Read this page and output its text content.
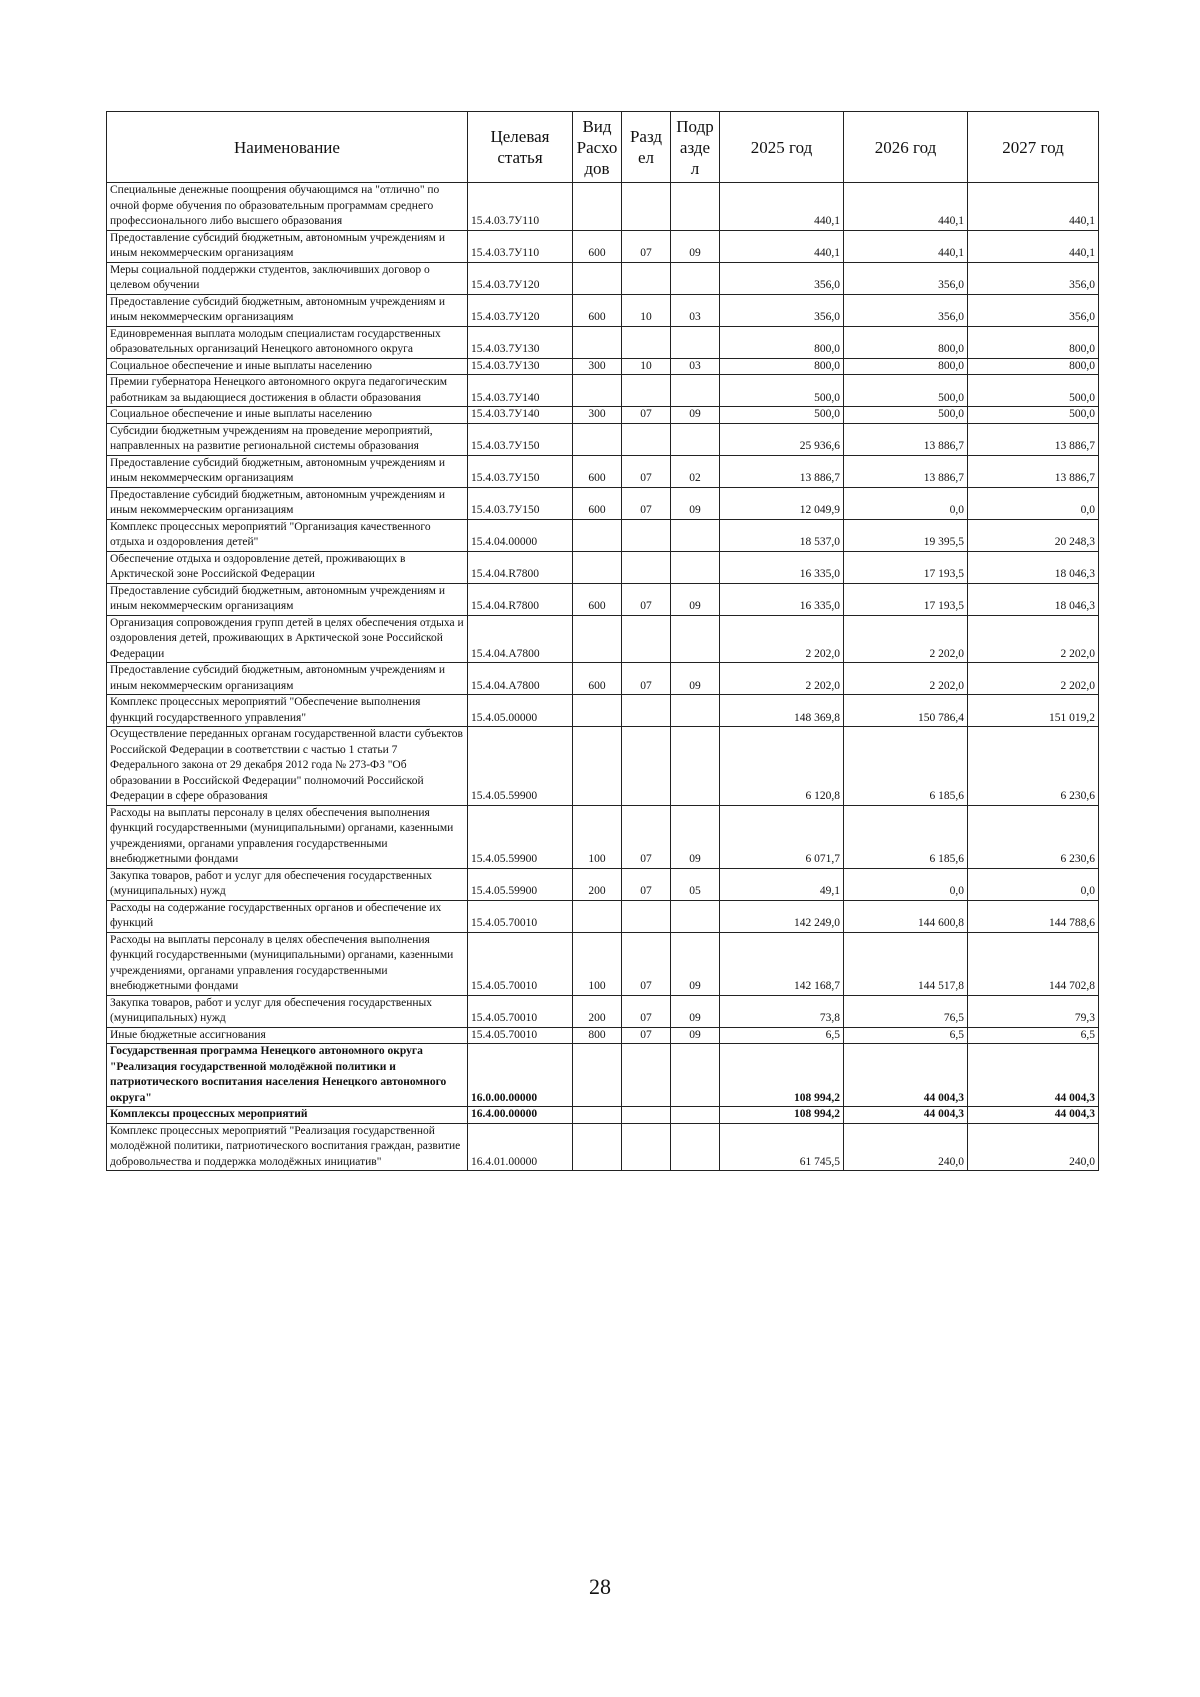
Наименование	Целевая статья	Вид Расхо дов	Разд ел	Подр азде л	2025 год	2026 год	2027 год
Специальные денежные поощрения обучающимся на "отлично" по очной форме обучения по образовательным программам среднего профессионального либо высшего образования	15.4.03.7У110				440,1	440,1	440,1
Предоставление субсидий бюджетным, автономным учреждениям и иным некоммерческим организациям	15.4.03.7У110	600	07	09	440,1	440,1	440,1
Меры социальной поддержки студентов, заключивших договор о целевом обучении	15.4.03.7У120				356,0	356,0	356,0
Предоставление субсидий бюджетным, автономным учреждениям и иным некоммерческим организациям	15.4.03.7У120	600	10	03	356,0	356,0	356,0
Единовременная выплата молодым специалистам государственных образовательных организаций Ненецкого автономного округа	15.4.03.7У130				800,0	800,0	800,0
Социальное обеспечение и иные выплаты населению	15.4.03.7У130	300	10	03	800,0	800,0	800,0
Премии губернатора Ненецкого автономного округа педагогическим работникам за выдающиеся достижения в области образования	15.4.03.7У140				500,0	500,0	500,0
Социальное обеспечение и иные выплаты населению	15.4.03.7У140	300	07	09	500,0	500,0	500,0
Субсидии бюджетным учреждениям на проведение мероприятий, направленных на развитие региональной системы образования	15.4.03.7У150				25 936,6	13 886,7	13 886,7
Предоставление субсидий бюджетным, автономным учреждениям и иным некоммерческим организациям	15.4.03.7У150	600	07	02	13 886,7	13 886,7	13 886,7
Предоставление субсидий бюджетным, автономным учреждениям и иным некоммерческим организациям	15.4.03.7У150	600	07	09	12 049,9	0,0	0,0
Комплекс процессных мероприятий "Организация качественного отдыха и оздоровления детей"	15.4.04.00000				18 537,0	19 395,5	20 248,3
Обеспечение отдыха и оздоровление детей, проживающих в Арктической зоне Российской Федерации	15.4.04.R7800				16 335,0	17 193,5	18 046,3
Предоставление субсидий бюджетным, автономным учреждениям и иным некоммерческим организациям	15.4.04.R7800	600	07	09	16 335,0	17 193,5	18 046,3
Организация сопровождения групп детей в целях обеспечения отдыха и оздоровления детей, проживающих в Арктической зоне Российской Федерации	15.4.04.A7800				2 202,0	2 202,0	2 202,0
Предоставление субсидий бюджетным, автономным учреждениям и иным некоммерческим организациям	15.4.04.A7800	600	07	09	2 202,0	2 202,0	2 202,0
Комплекс процессных мероприятий "Обеспечение выполнения функций государственного управления"	15.4.05.00000				148 369,8	150 786,4	151 019,2
Осуществление переданных органам государственной власти субъектов Российской Федерации в соответствии с частью 1 статьи 7 Федерального закона от 29 декабря 2012 года № 273-ФЗ "Об образовании в Российской Федерации" полномочий Российской Федерации в сфере образования	15.4.05.59900				6 120,8	6 185,6	6 230,6
Расходы на выплаты персоналу в целях обеспечения выполнения функций государственными (муниципальными) органами, казенными учреждениями, органами управления государственными внебюджетными фондами	15.4.05.59900	100	07	09	6 071,7	6 185,6	6 230,6
Закупка товаров, работ и услуг для обеспечения государственных (муниципальных) нужд	15.4.05.59900	200	07	05	49,1	0,0	0,0
Расходы на содержание государственных органов и обеспечение их функций	15.4.05.70010				142 249,0	144 600,8	144 788,6
Расходы на выплаты персоналу в целях обеспечения выполнения функций государственными (муниципальными) органами, казенными учреждениями, органами управления государственными внебюджетными фондами	15.4.05.70010	100	07	09	142 168,7	144 517,8	144 702,8
Закупка товаров, работ и услуг для обеспечения государственных (муниципальных) нужд	15.4.05.70010	200	07	09	73,8	76,5	79,3
Иные бюджетные ассигнования	15.4.05.70010	800	07	09	6,5	6,5	6,5
Государственная программа Ненецкого автономного округа "Реализация государственной молодёжной политики и патриотического воспитания населения Ненецкого автономного округа"	16.0.00.00000				108 994,2	44 004,3	44 004,3
Комплексы процессных мероприятий	16.4.00.00000				108 994,2	44 004,3	44 004,3
Комплекс процессных мероприятий "Реализация государственной молодёжной политики, патриотического воспитания граждан, развитие добровольчества и поддержка молодёжных инициатив"	16.4.01.00000				61 745,5	240,0	240,0
28
